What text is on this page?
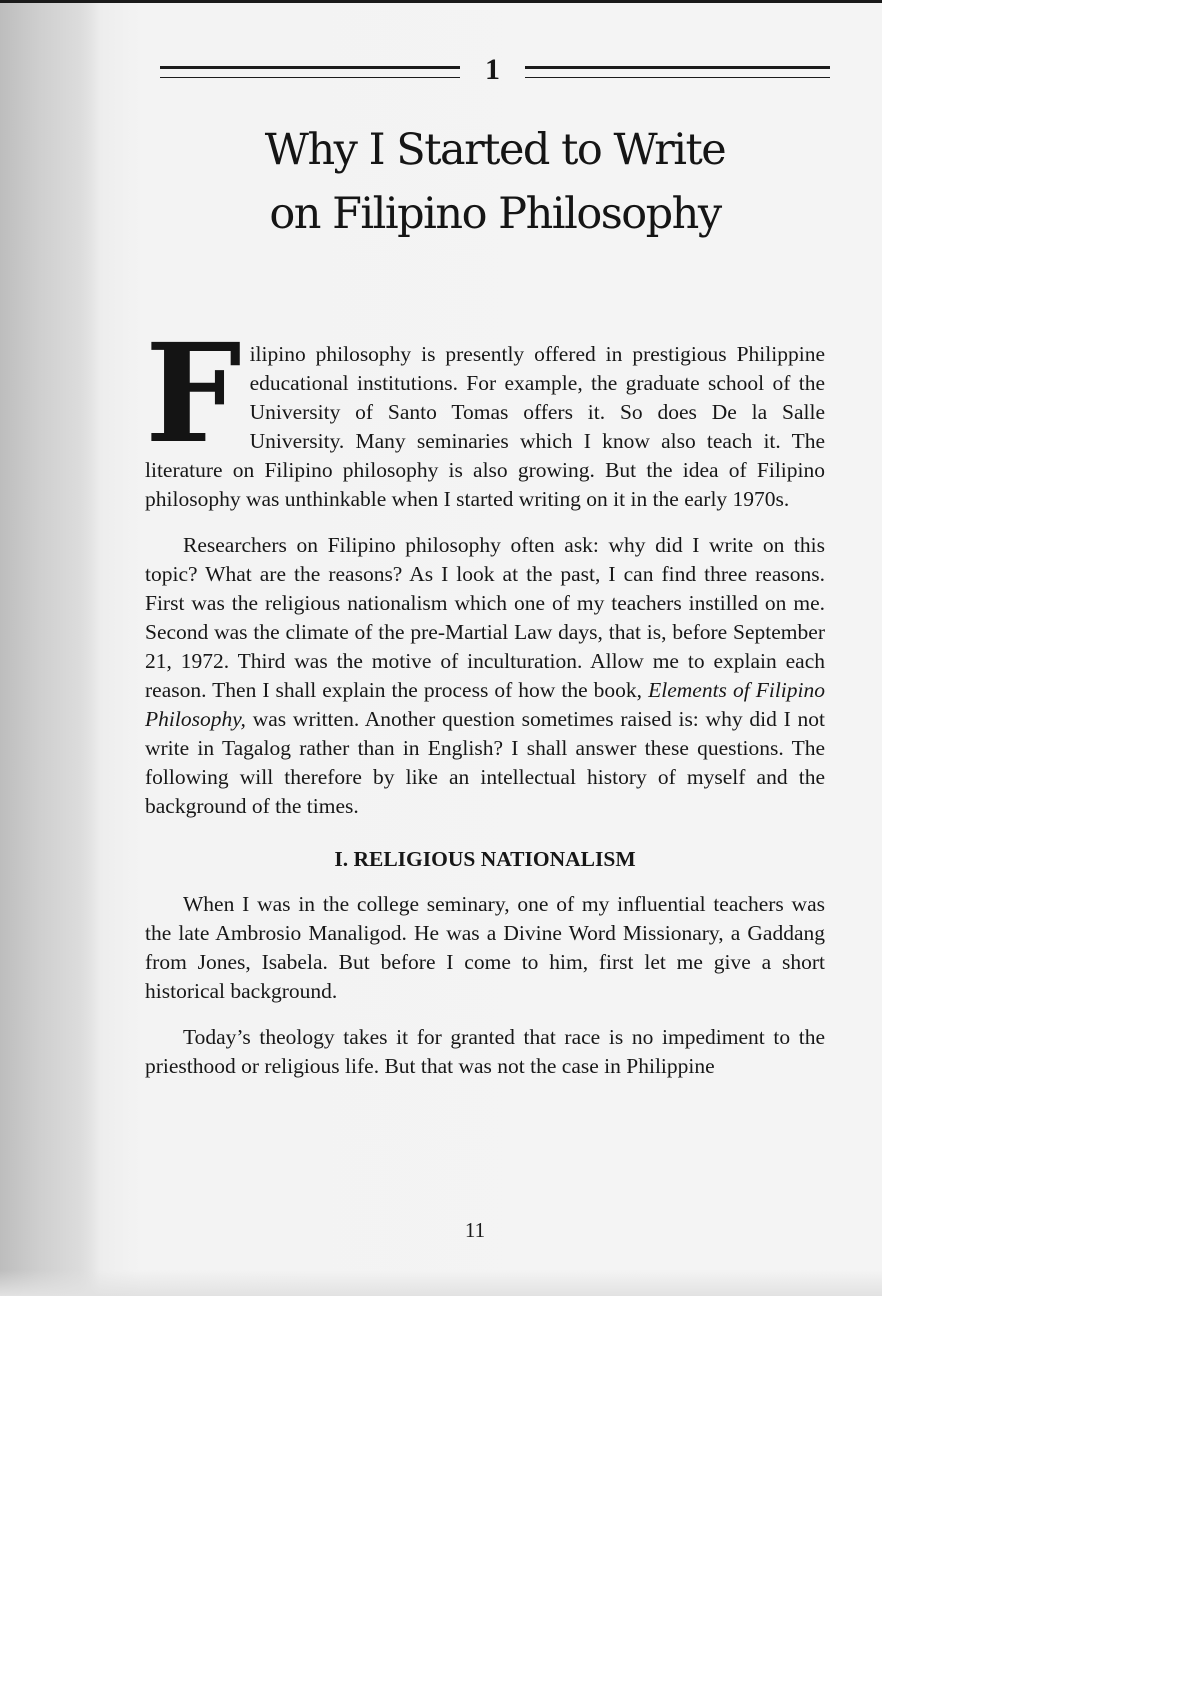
1
Why I Started to Write
on Filipino Philosophy

Filipino philosophy is presently offered in prestigious Philippine educational institutions. For example, the graduate school of the University of Santo Tomas offers it. So does De la Salle University. Many seminaries which I know also teach it. The literature on Filipino philosophy is also growing. But the idea of Filipino philosophy was unthinkable when I started writing on it in the early 1970s.

Researchers on Filipino philosophy often ask: why did I write on this topic? What are the reasons? As I look at the past, I can find three reasons. First was the religious nationalism which one of my teachers instilled on me. Second was the climate of the pre-Martial Law days, that is, before September 21, 1972. Third was the motive of inculturation. Allow me to explain each reason. Then I shall explain the process of how the book, Elements of Filipino Philosophy, was written. Another question sometimes raised is: why did I not write in Tagalog rather than in English? I shall answer these questions. The following will therefore by like an intellectual history of myself and the background of the times.

I. RELIGIOUS NATIONALISM

When I was in the college seminary, one of my influential teachers was the late Ambrosio Manaligod. He was a Divine Word Missionary, a Gaddang from Jones, Isabela. But before I come to him, first let me give a short historical background.

Today’s theology takes it for granted that race is no impediment to the priesthood or religious life. But that was not the case in Philippine

11
